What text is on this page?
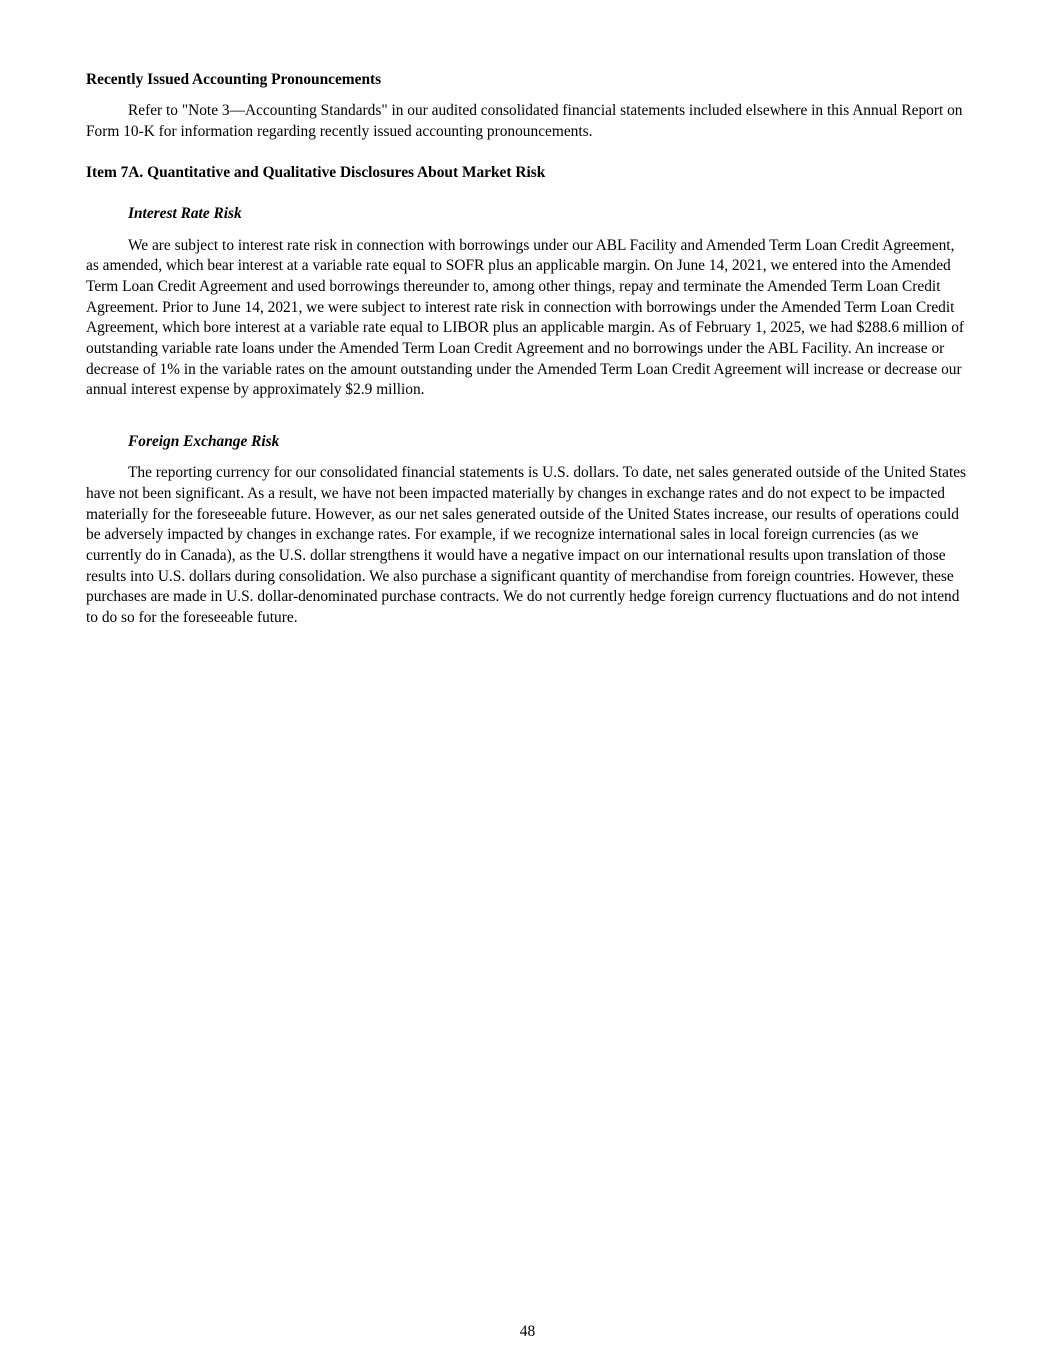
Recently Issued Accounting Pronouncements

Refer to "Note 3—Accounting Standards" in our audited consolidated financial statements included elsewhere in this Annual Report on Form 10-K for information regarding recently issued accounting pronouncements.

Item 7A. Quantitative and Qualitative Disclosures About Market Risk

Interest Rate Risk

We are subject to interest rate risk in connection with borrowings under our ABL Facility and Amended Term Loan Credit Agreement, as amended, which bear interest at a variable rate equal to SOFR plus an applicable margin. On June 14, 2021, we entered into the Amended Term Loan Credit Agreement and used borrowings thereunder to, among other things, repay and terminate the Amended Term Loan Credit Agreement. Prior to June 14, 2021, we were subject to interest rate risk in connection with borrowings under the Amended Term Loan Credit Agreement, which bore interest at a variable rate equal to LIBOR plus an applicable margin. As of February 1, 2025, we had $288.6 million of outstanding variable rate loans under the Amended Term Loan Credit Agreement and no borrowings under the ABL Facility. An increase or decrease of 1% in the variable rates on the amount outstanding under the Amended Term Loan Credit Agreement will increase or decrease our annual interest expense by approximately $2.9 million.

Foreign Exchange Risk

The reporting currency for our consolidated financial statements is U.S. dollars. To date, net sales generated outside of the United States have not been significant. As a result, we have not been impacted materially by changes in exchange rates and do not expect to be impacted materially for the foreseeable future. However, as our net sales generated outside of the United States increase, our results of operations could be adversely impacted by changes in exchange rates. For example, if we recognize international sales in local foreign currencies (as we currently do in Canada), as the U.S. dollar strengthens it would have a negative impact on our international results upon translation of those results into U.S. dollars during consolidation. We also purchase a significant quantity of merchandise from foreign countries. However, these purchases are made in U.S. dollar-denominated purchase contracts. We do not currently hedge foreign currency fluctuations and do not intend to do so for the foreseeable future.

48
